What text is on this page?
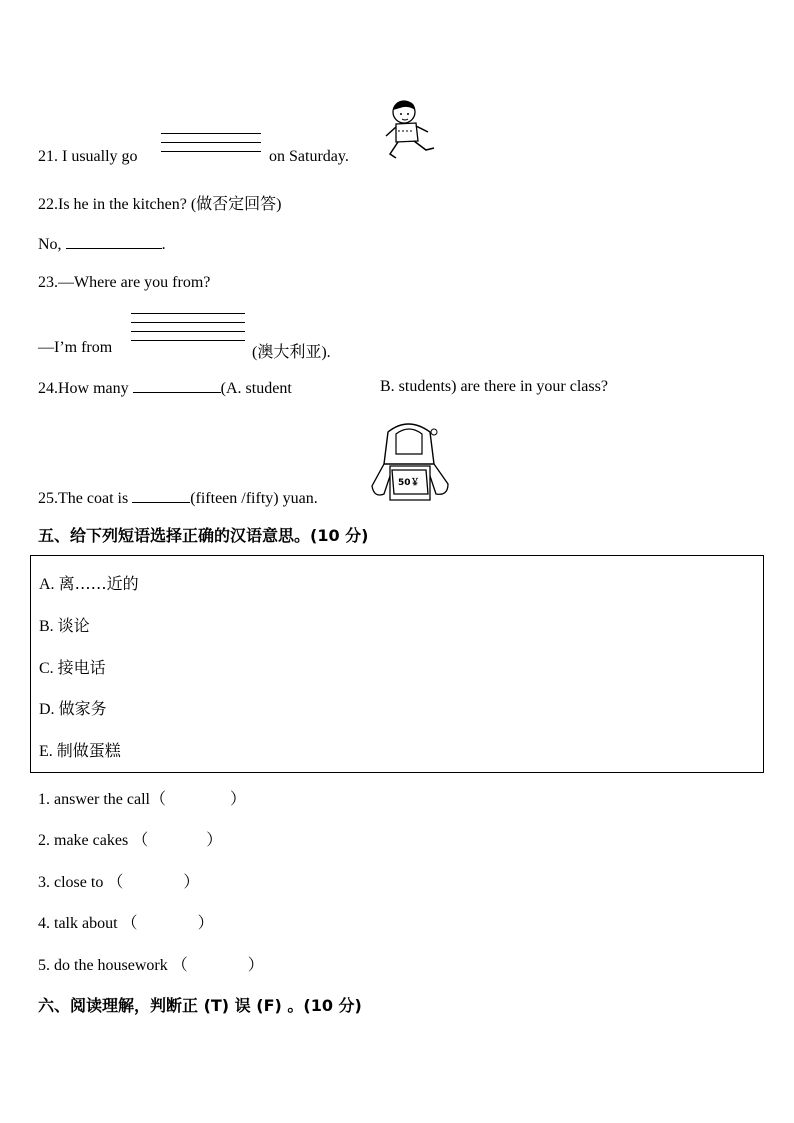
21. I usually go	on Saturday.
22.Is he in the kitchen? (做否定回答)
No,	.
23.—Where are you from?
—I’m from	(澳大利亚).
24.How many	(A. student	B. students) are there in your class?
25.The coat is	(fifteen /fifty) yuan.
50￥
五、给下列短语选择正确的汉语意思。(10 分)
A. 离……近的
B. 谈论
C. 接电话
D. 做家务
E. 制做蛋糕
1. answer the call（	）
2. make cakes （	）
3. close to （	）
4. talk about （	）
5. do the housework （	）
六、阅读理解，判断正 (T) 误 (F) 。(10 分)
